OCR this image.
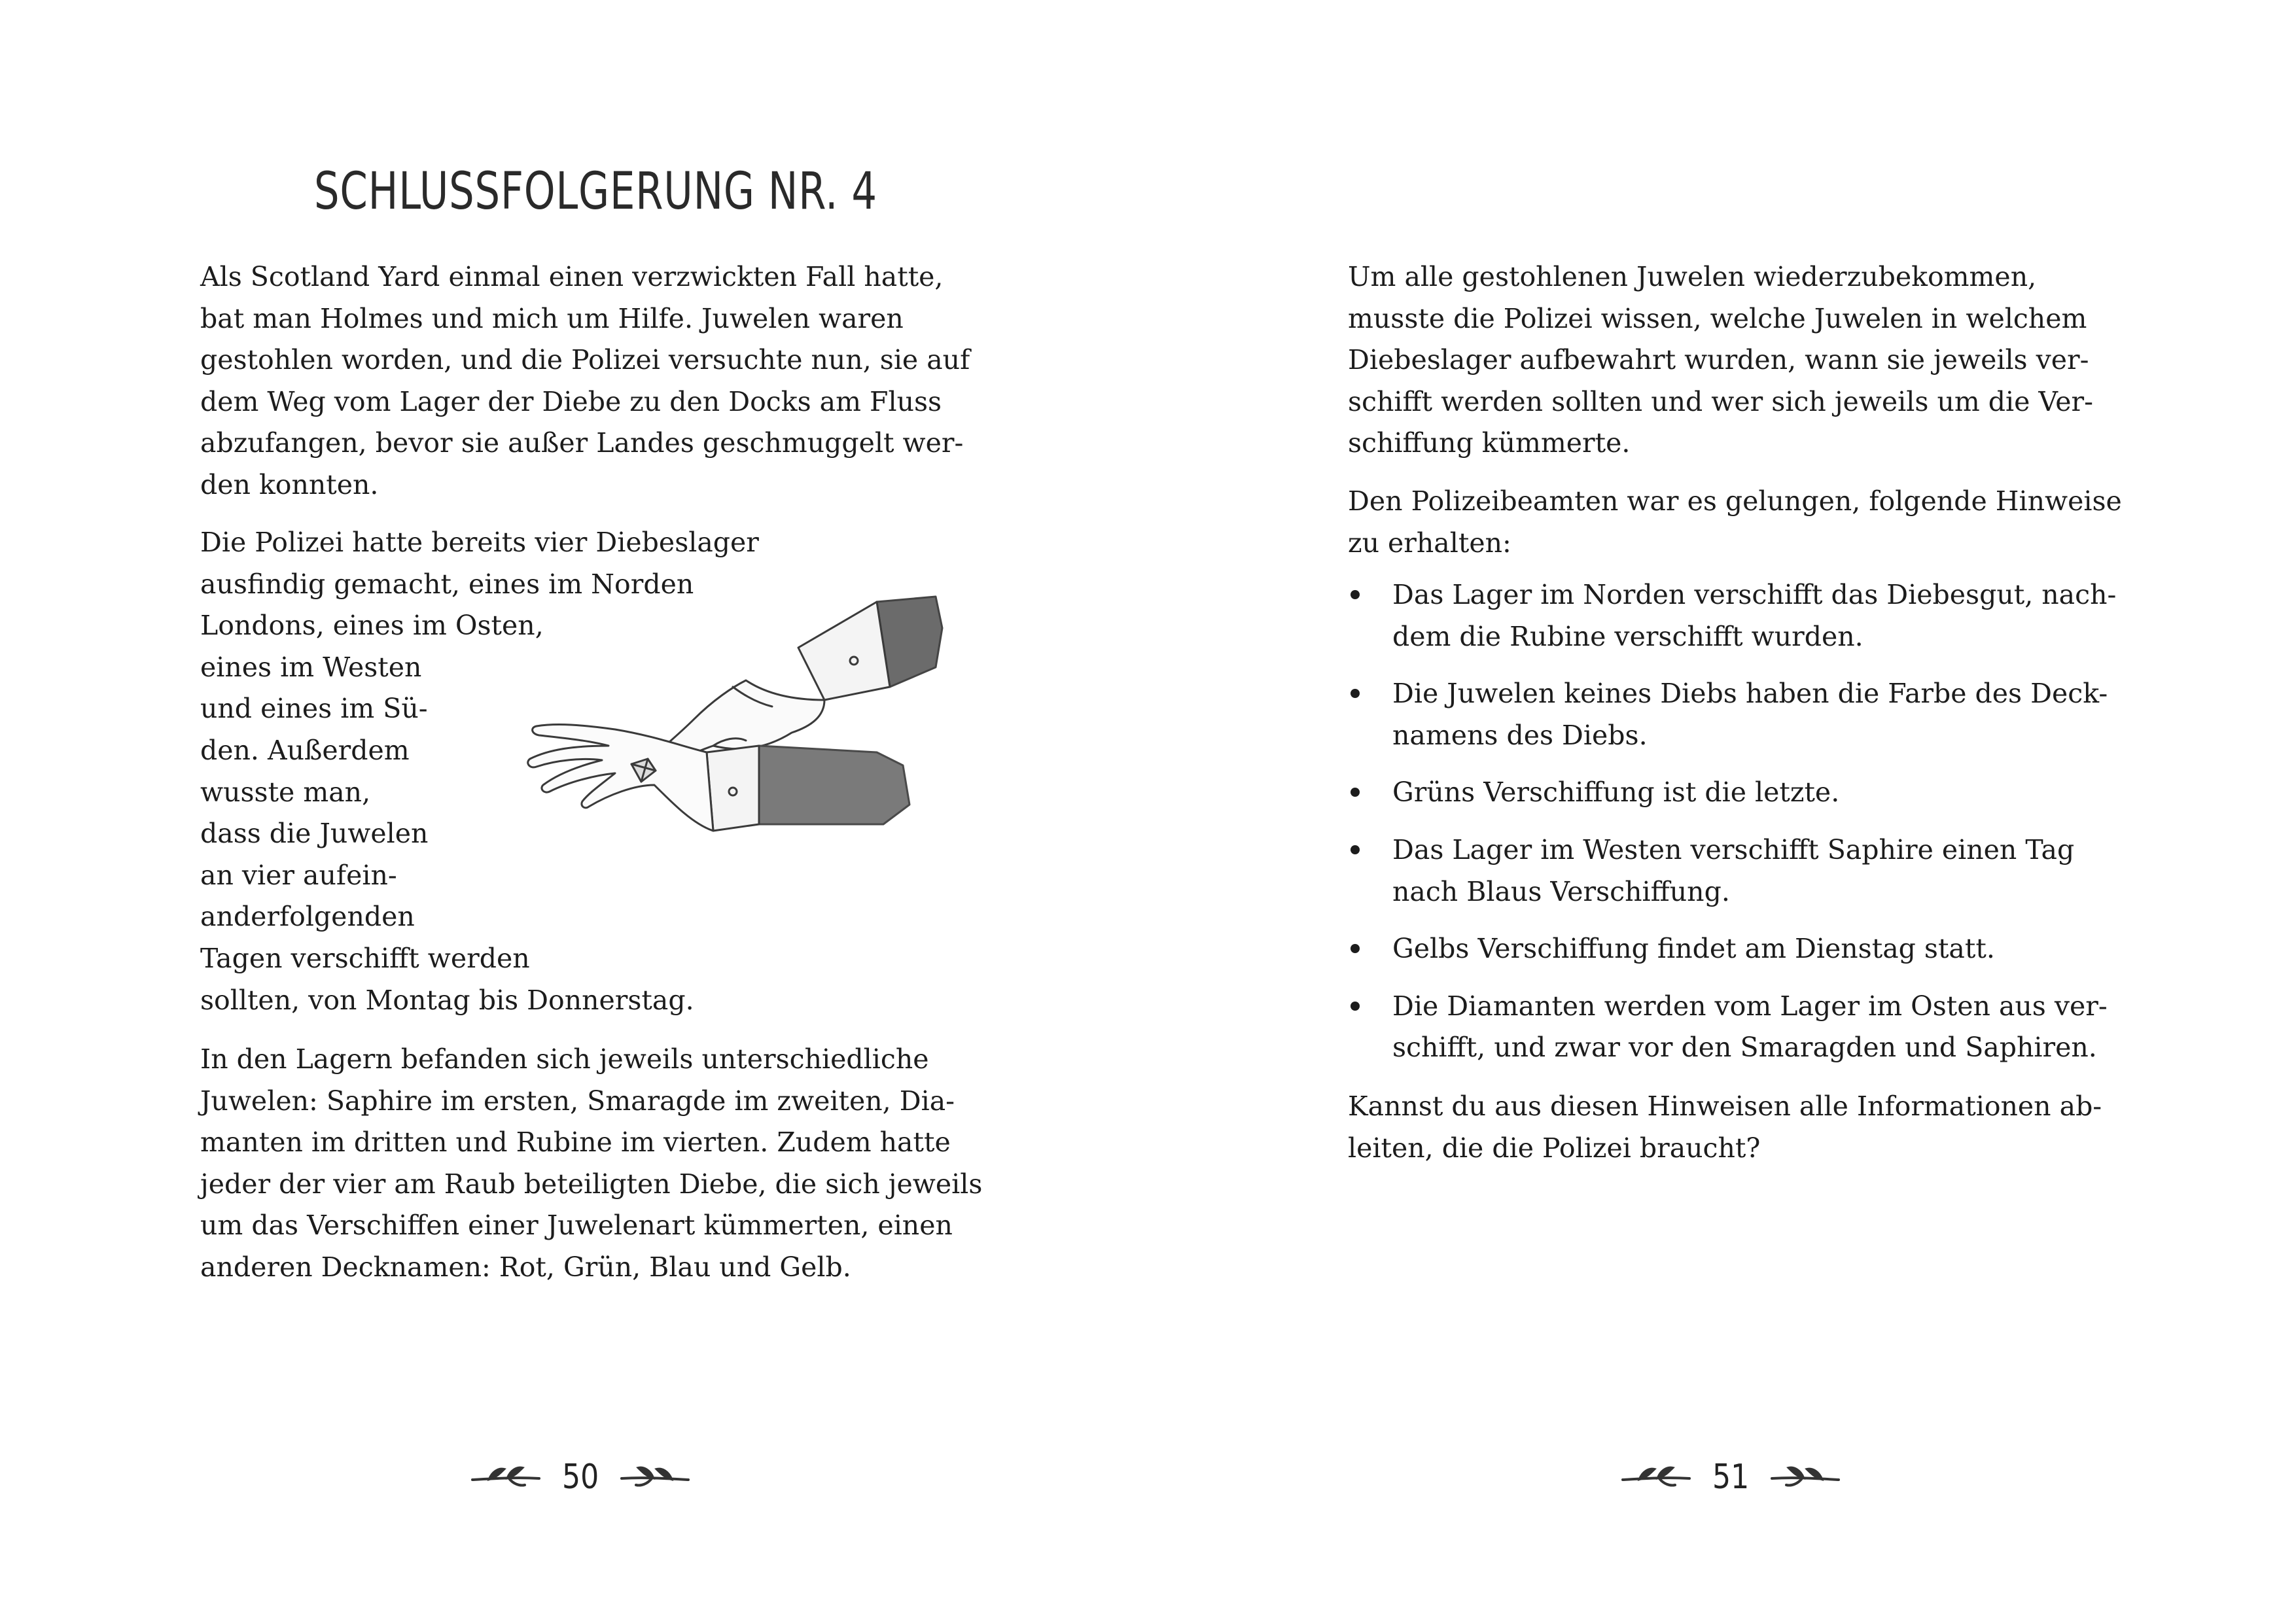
SCHLUSSFOLGERUNG NR. 4
Als Scotland Yard einmal einen verzwickten Fall hatte,
bat man Holmes und mich um Hilfe. Juwelen waren
gestohlen worden, und die Polizei versuchte nun, sie auf
dem Weg vom Lager der Diebe zu den Docks am Fluss
abzufangen, bevor sie außer Landes geschmuggelt wer-
den konnten.
Die Polizei hatte bereits vier Diebeslager
ausfindig gemacht, eines im Norden
Londons, eines im Osten,
eines im Westen
und eines im Sü-
den. Außerdem
wusste man,
dass die Juwelen
an vier aufein-
anderfolgenden
Tagen verschifft werden
sollten, von Montag bis Donnerstag.
In den Lagern befanden sich jeweils unterschiedliche
Juwelen: Saphire im ersten, Smaragde im zweiten, Dia-
manten im dritten und Rubine im vierten. Zudem hatte
jeder der vier am Raub beteiligten Diebe, die sich jeweils
um das Verschiffen einer Juwelenart kümmerten, einen
anderen Decknamen: Rot, Grün, Blau und Gelb.
50
Um alle gestohlenen Juwelen wiederzubekommen,
musste die Polizei wissen, welche Juwelen in welchem
Diebeslager aufbewahrt wurden, wann sie jeweils ver-
schifft werden sollten und wer sich jeweils um die Ver-
schiffung kümmerte.
Den Polizeibeamten war es gelungen, folgende Hinweise
zu erhalten:
Kannst du aus diesen Hinweisen alle Informationen ab-
leiten, die die Polizei braucht?
51
Das Lager im Norden verschifft das Diebesgut, nach-
dem die Rubine verschifft wurden.
Die Juwelen keines Diebs haben die Farbe des Deck-
namens des Diebs.
Grüns Verschiffung ist die letzte.
Das Lager im Westen verschifft Saphire einen Tag
nach Blaus Verschiffung.
Gelbs Verschiffung findet am Dienstag statt.
Die Diamanten werden vom Lager im Osten aus ver-
schifft, und zwar vor den Smaragden und Saphiren.
